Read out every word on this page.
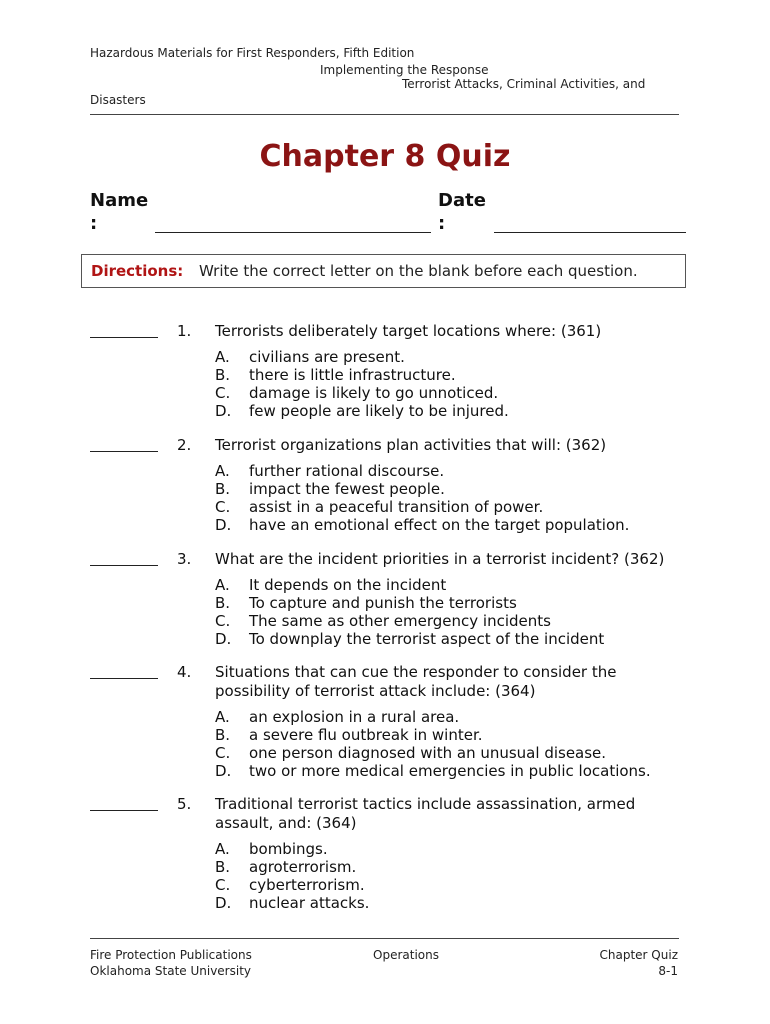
Hazardous Materials for First Responders, Fifth Edition
Implementing the Response
Terrorist Attacks, Criminal Activities, and
Disasters
Chapter 8 Quiz
Name
:
Date
:
Directions: Write the correct letter on the blank before each question.
1. Terrorists deliberately target locations where: (361)
A. civilians are present.
B. there is little infrastructure.
C. damage is likely to go unnoticed.
D. few people are likely to be injured.
2. Terrorist organizations plan activities that will: (362)
A. further rational discourse.
B. impact the fewest people.
C. assist in a peaceful transition of power.
D. have an emotional effect on the target population.
3. What are the incident priorities in a terrorist incident? (362)
A. It depends on the incident
B. To capture and punish the terrorists
C. The same as other emergency incidents
D. To downplay the terrorist aspect of the incident
4. Situations that can cue the responder to consider the possibility of terrorist attack include: (364)
A. an explosion in a rural area.
B. a severe flu outbreak in winter.
C. one person diagnosed with an unusual disease.
D. two or more medical emergencies in public locations.
5. Traditional terrorist tactics include assassination, armed assault, and: (364)
A. bombings.
B. agroterrorism.
C. cyberterrorism.
D. nuclear attacks.
Fire Protection Publications
Oklahoma State University
Operations	Chapter Quiz
8-1
